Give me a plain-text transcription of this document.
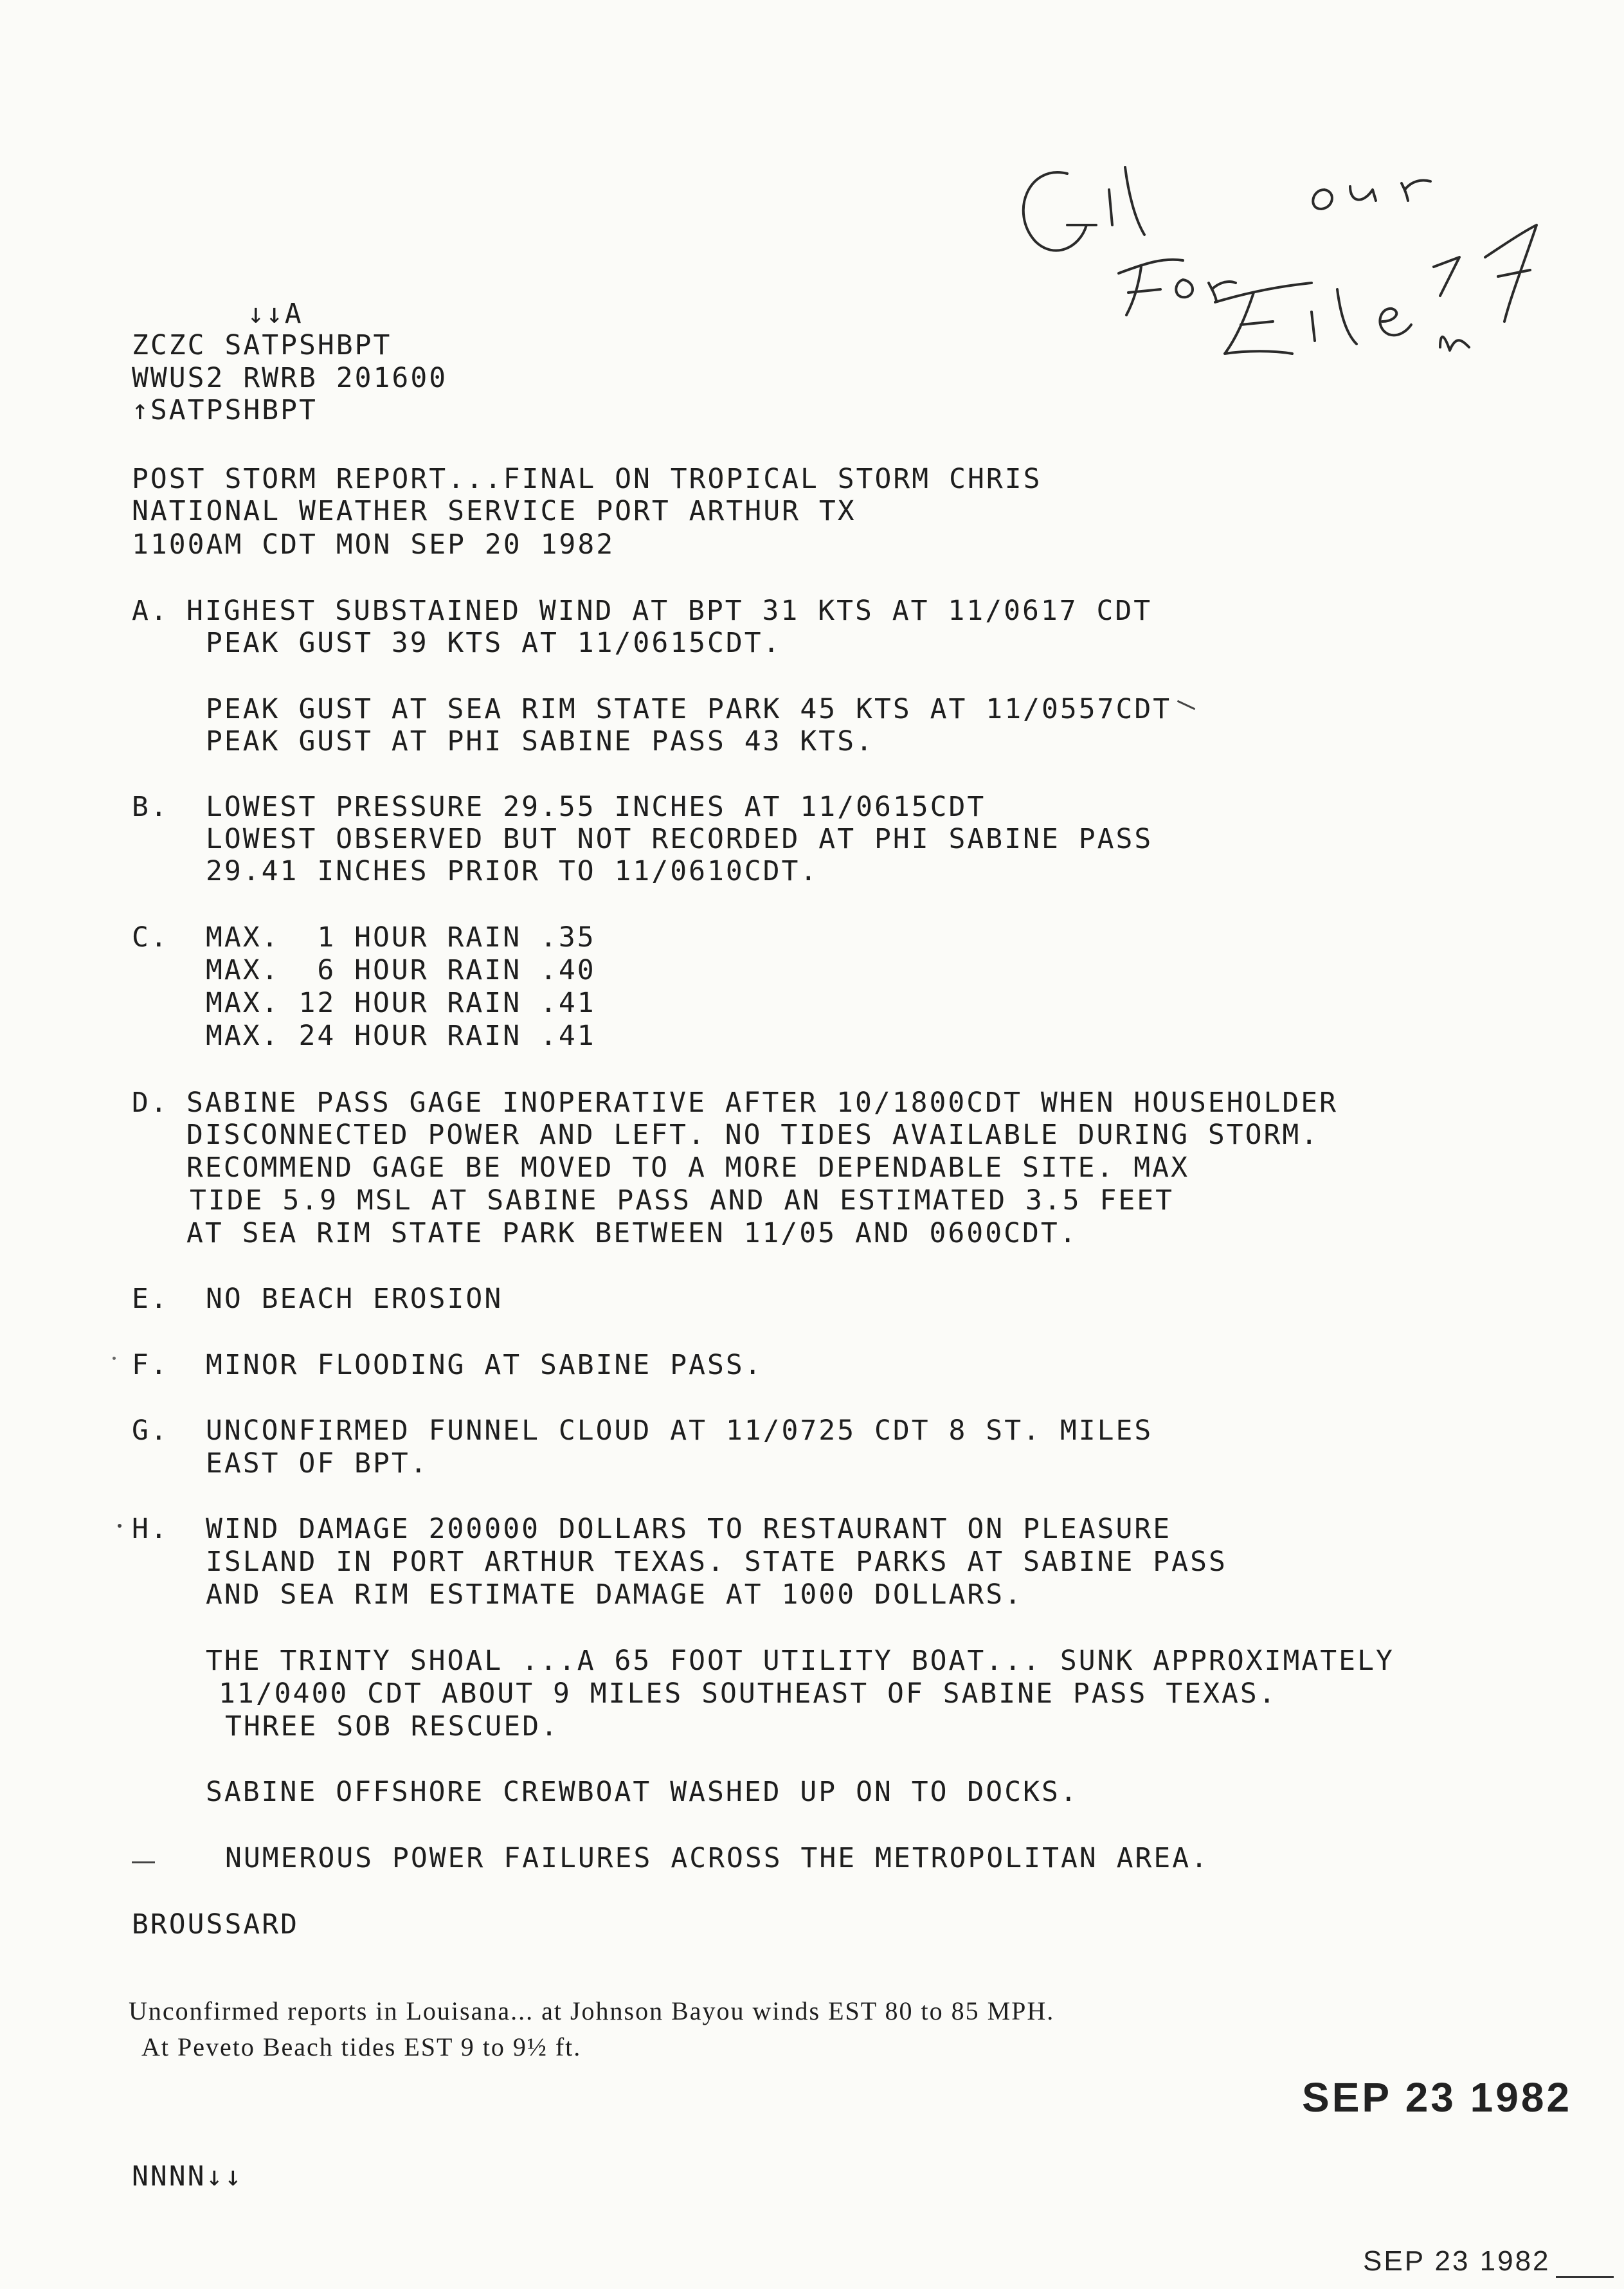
↓↓A
ZCZC SATPSHBPT
WWUS2 RWRB 201600
↑SATPSHBPT
POST STORM REPORT...FINAL ON TROPICAL STORM CHRIS
NATIONAL WEATHER SERVICE PORT ARTHUR TX
1100AM CDT MON SEP 20 1982
A. HIGHEST SUBSTAINED WIND AT BPT 31 KTS AT 11/0617 CDT
PEAK GUST 39 KTS AT 11/0615CDT.
PEAK GUST AT SEA RIM STATE PARK 45 KTS AT 11/0557CDT
PEAK GUST AT PHI SABINE PASS 43 KTS.
B. LOWEST PRESSURE 29.55 INCHES AT 11/0615CDT
LOWEST OBSERVED BUT NOT RECORDED AT PHI SABINE PASS
29.41 INCHES PRIOR TO 11/0610CDT.
C. MAX.  1 HOUR RAIN .35
MAX.  6 HOUR RAIN .40
MAX. 12 HOUR RAIN .41
MAX. 24 HOUR RAIN .41
D. SABINE PASS GAGE INOPERATIVE AFTER 10/1800CDT WHEN HOUSEHOLDER
DISCONNECTED POWER AND LEFT. NO TIDES AVAILABLE DURING STORM.
RECOMMEND GAGE BE MOVED TO A MORE DEPENDABLE SITE. MAX
TIDE 5.9 MSL AT SABINE PASS AND AN ESTIMATED 3.5 FEET
AT SEA RIM STATE PARK BETWEEN 11/05 AND 0600CDT.
E. NO BEACH EROSION
F. MINOR FLOODING AT SABINE PASS.
G. UNCONFIRMED FUNNEL CLOUD AT 11/0725 CDT 8 ST. MILES
EAST OF BPT.
H. WIND DAMAGE 200000 DOLLARS TO RESTAURANT ON PLEASURE
ISLAND IN PORT ARTHUR TEXAS. STATE PARKS AT SABINE PASS
AND SEA RIM ESTIMATE DAMAGE AT 1000 DOLLARS.
THE TRINTY SHOAL ...A 65 FOOT UTILITY BOAT... SUNK APPROXIMATELY
11/0400 CDT ABOUT 9 MILES SOUTHEAST OF SABINE PASS TEXAS.
THREE SOB RESCUED.
SABINE OFFSHORE CREWBOAT WASHED UP ON TO DOCKS.
NUMEROUS POWER FAILURES ACROSS THE METROPOLITAN AREA.
BROUSSARD
Unconfirmed reports in Louisana... at Johnson Bayou winds EST 80 to 85 MPH.
At Peveto Beach tides EST 9 to 9½ ft.
SEP 23 1982
NNNN↓↓
SEP 23 1982
